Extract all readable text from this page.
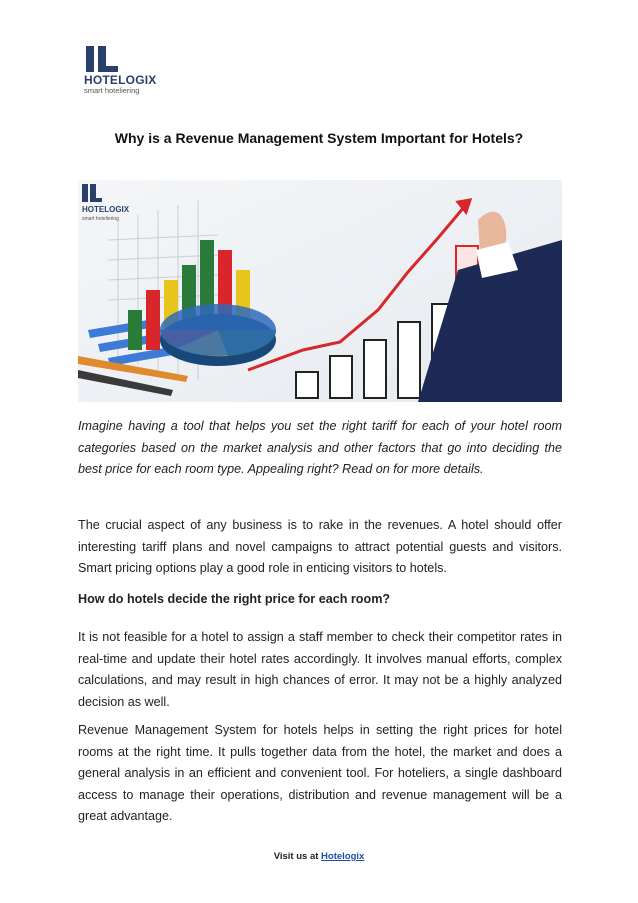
HOTELOGIX
smart hoteliering
Why is a Revenue Management System Important for Hotels?
HOTELOGIX
smart hoteliering

Imagine having a tool that helps you set the right tariff for each of your hotel room categories based on the market analysis and other factors that go into deciding the best price for each room type. Appealing right? Read on for more details.

The crucial aspect of any business is to rake in the revenues. A hotel should offer interesting tariff plans and novel campaigns to attract potential guests and visitors. Smart pricing options play a good role in enticing visitors to hotels.

How do hotels decide the right price for each room?

It is not feasible for a hotel to assign a staff member to check their competitor rates in real-time and update their hotel rates accordingly. It involves manual efforts, complex calculations, and may result in high chances of error. It may not be a highly analyzed decision as well.

Revenue Management System for hotels helps in setting the right prices for hotel rooms at the right time. It pulls together data from the hotel, the market and does a general analysis in an efficient and convenient tool. For hoteliers, a single dashboard access to manage their operations, distribution and revenue management will be a great advantage.

Visit us at Hotelogix
